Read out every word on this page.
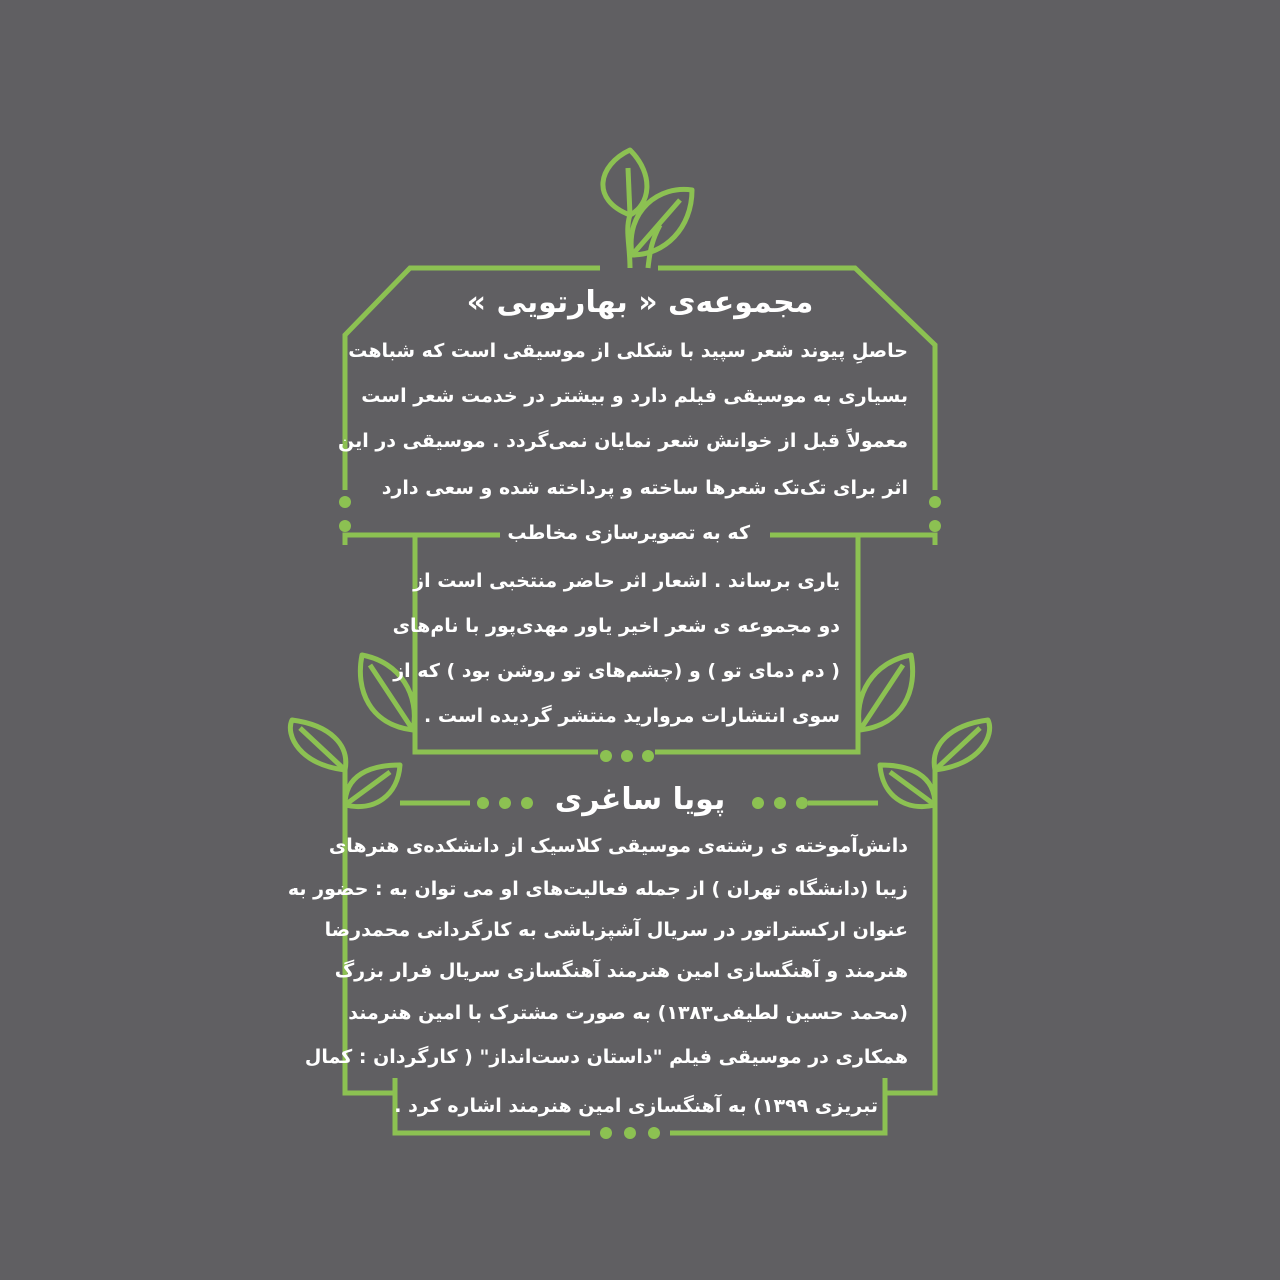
مجموعه‌ی « بهارتویی »
حاصلِ پیوند شعر سپید با شکلی از موسیقی است که شباهت
بسیاری به موسیقی فیلم دارد و بیشتر در خدمت شعر است
معمولاً قبل از خوانش شعر نمایان نمی‌گردد . موسیقی در این
اثر برای تک‌تک شعرها ساخته و پرداخته شده و سعی دارد
که به تصویرسازی مخاطب
یاری برساند . اشعار اثر حاضر منتخبی است از
دو مجموعه ی شعر اخیر یاور مهدی‌پور با نام‌های
( دم دمای تو ) و (چشم‌های تو روشن بود ) که از
سوی انتشارات مروارید منتشر گردیده است .
پویا ساغری
دانش‌آموخته ی رشته‌ی موسیقی کلاسیک از دانشکده‌ی هنرهای
زیبا (دانشگاه تهران ) از جمله فعالیت‌های او می توان به : حضور به
عنوان ارکستراتور در سریال آشپزباشی به کارگردانی محمدرضا
هنرمند و آهنگسازی امین هنرمند آهنگسازی سریال فرار بزرگ
(محمد حسین لطیفی۱۳۸۳) به صورت مشترک با امین هنرمند
همکاری در موسیقی فیلم "داستان دست‌انداز" ( کارگردان : کمال
تبریزی ۱۳۹۹) به آهنگسازی امین هنرمند اشاره کرد .
